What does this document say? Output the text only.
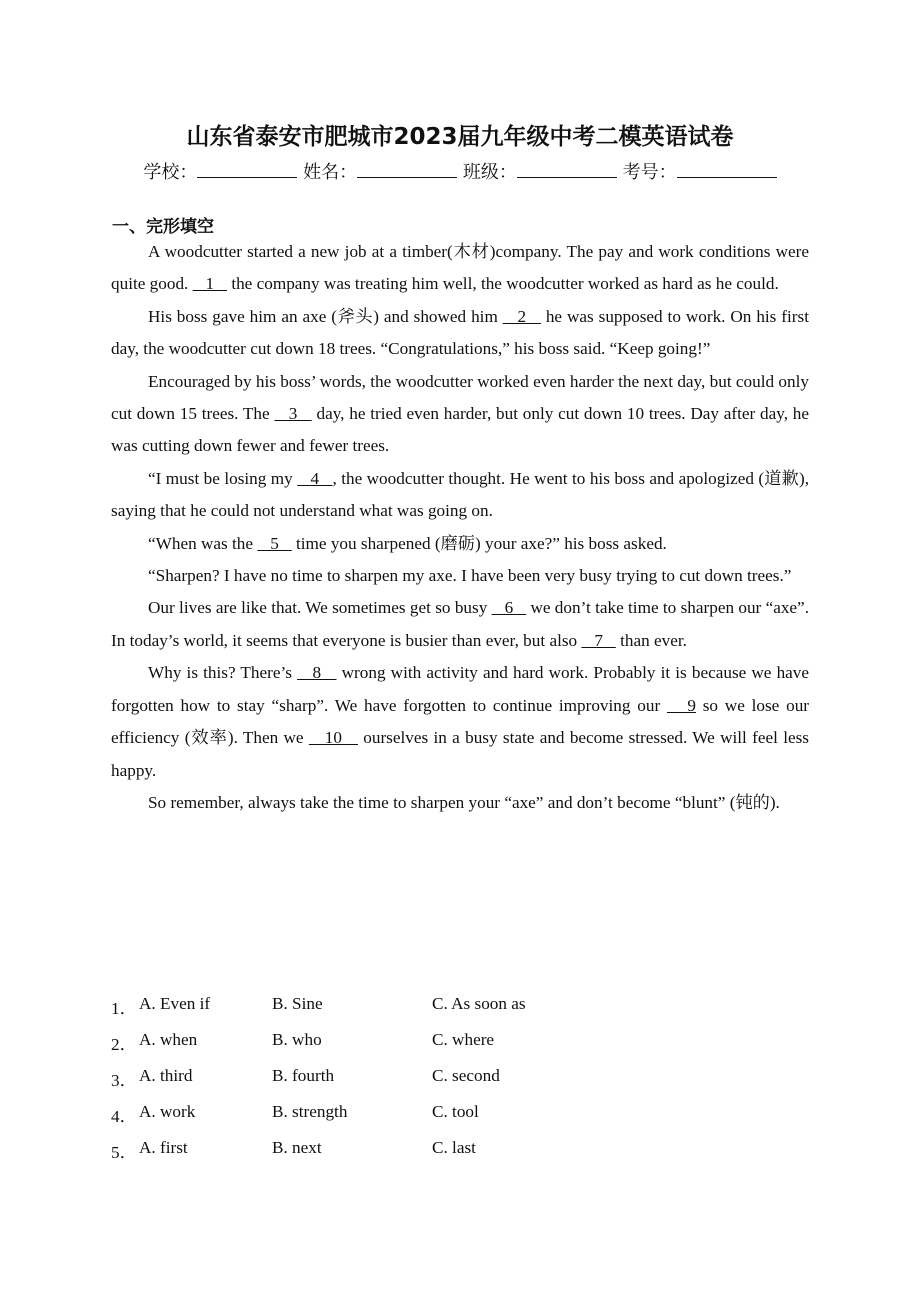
山东省泰安市肥城市2023届九年级中考二模英语试卷
学校：	姓名：	班级：	考号：
一、完形填空

A woodcutter started a new job at a timber(木材)company. The pay and work conditions were quite good.    1    the company was treating him well, the woodcutter worked as hard as he could.

His boss gave him an axe (斧头) and showed him    2    he was supposed to work. On his first day, the woodcutter cut down 18 trees. “Congratulations,” his boss said. “Keep going!”

Encouraged by his boss’ words, the woodcutter worked even harder the next day, but could only cut down 15 trees. The    3    day, he tried even harder, but only cut down 10 trees. Day after day, he was cutting down fewer and fewer trees.

“I must be losing my    4   , the woodcutter thought. He went to his boss and apologized (道歉), saying that he could not understand what was going on.

“When was the    5    time you sharpened (磨砺) your axe?” his boss asked.

“Sharpen? I have no time to sharpen my axe. I have been very busy trying to cut down trees.”

Our lives are like that. We sometimes get so busy    6    we don’t take time to sharpen our “axe”. In today’s world, it seems that everyone is busier than ever, but also    7    than ever.

Why is this? There’s    8    wrong with activity and hard work. Probably it is because we have forgotten how to stay “sharp”. We have forgotten to continue improving our    9 so we lose our efficiency (效率). Then we    10    ourselves in a busy state and become stressed. We will feel less happy.

So remember, always take the time to sharpen your “axe” and don’t become “blunt” (钝的).

1． A. Even if	B. Sine	C. As soon as
2． A. when	B. who	C. where
3． A. third	B. fourth	C. second
4． A. work	B. strength	C. tool
5． A. first	B. next	C. last
